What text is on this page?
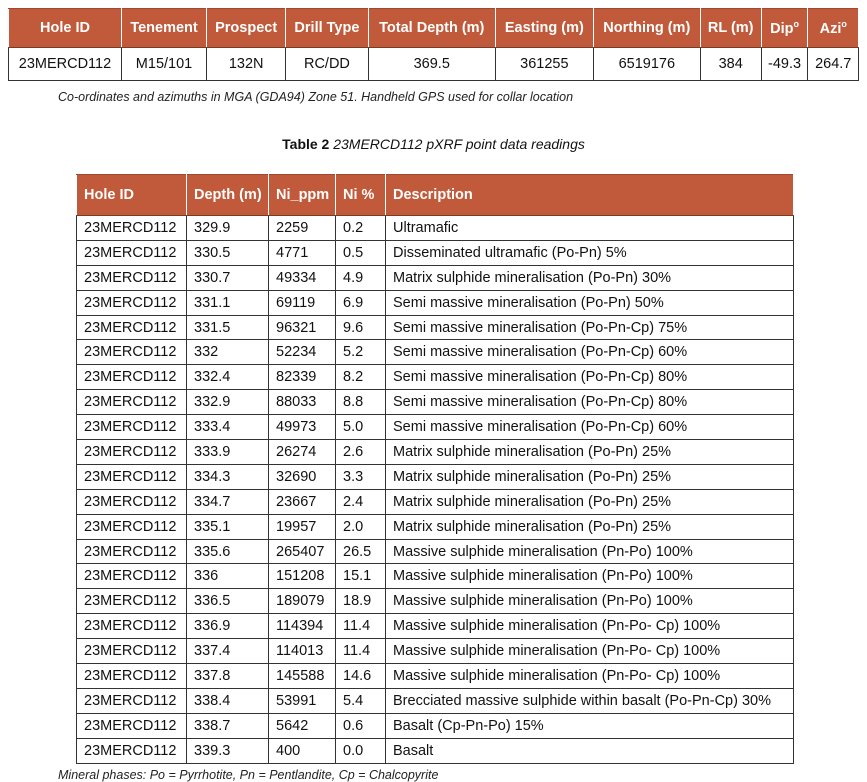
Hole ID	Tenement	Prospect	Drill Type	Total Depth (m)	Easting (m)	Northing (m)	RL (m)	Dip$^o$	Azi$^o$
23MERCD112	M15/101	132N	RC/DD	369.5	361255	6519176	384	-49.3	264.7
Co-ordinates and azimuths in MGA (GDA94) Zone 51. Handheld GPS used for collar location
Table 2 23MERCD112 pXRF point data readings
Hole ID	Depth (m)	Ni_ppm	Ni %	Description
23MERCD112	329.9	2259	0.2	Ultramafic
23MERCD112	330.5	4771	0.5	Disseminated ultramafic (Po-Pn) 5%
23MERCD112	330.7	49334	4.9	Matrix sulphide mineralisation (Po-Pn) 30%
23MERCD112	331.1	69119	6.9	Semi massive mineralisation (Po-Pn) 50%
23MERCD112	331.5	96321	9.6	Semi massive mineralisation (Po-Pn-Cp) 75%
23MERCD112	332	52234	5.2	Semi massive mineralisation (Po-Pn-Cp) 60%
23MERCD112	332.4	82339	8.2	Semi massive mineralisation (Po-Pn-Cp) 80%
23MERCD112	332.9	88033	8.8	Semi massive mineralisation (Po-Pn-Cp) 80%
23MERCD112	333.4	49973	5.0	Semi massive mineralisation (Po-Pn-Cp) 60%
23MERCD112	333.9	26274	2.6	Matrix sulphide mineralisation (Po-Pn) 25%
23MERCD112	334.3	32690	3.3	Matrix sulphide mineralisation (Po-Pn) 25%
23MERCD112	334.7	23667	2.4	Matrix sulphide mineralisation (Po-Pn) 25%
23MERCD112	335.1	19957	2.0	Matrix sulphide mineralisation (Po-Pn) 25%
23MERCD112	335.6	265407	26.5	Massive sulphide mineralisation (Pn-Po) 100%
23MERCD112	336	151208	15.1	Massive sulphide mineralisation (Pn-Po) 100%
23MERCD112	336.5	189079	18.9	Massive sulphide mineralisation (Pn-Po) 100%
23MERCD112	336.9	114394	11.4	Massive sulphide mineralisation (Pn-Po- Cp) 100%
23MERCD112	337.4	114013	11.4	Massive sulphide mineralisation (Pn-Po- Cp) 100%
23MERCD112	337.8	145588	14.6	Massive sulphide mineralisation (Pn-Po- Cp) 100%
23MERCD112	338.4	53991	5.4	Brecciated massive sulphide within basalt (Po-Pn-Cp) 30%
23MERCD112	338.7	5642	0.6	Basalt (Cp-Pn-Po) 15%
23MERCD112	339.3	400	0.0	Basalt
Mineral phases: Po = Pyrrhotite, Pn = Pentlandite, Cp = Chalcopyrite
